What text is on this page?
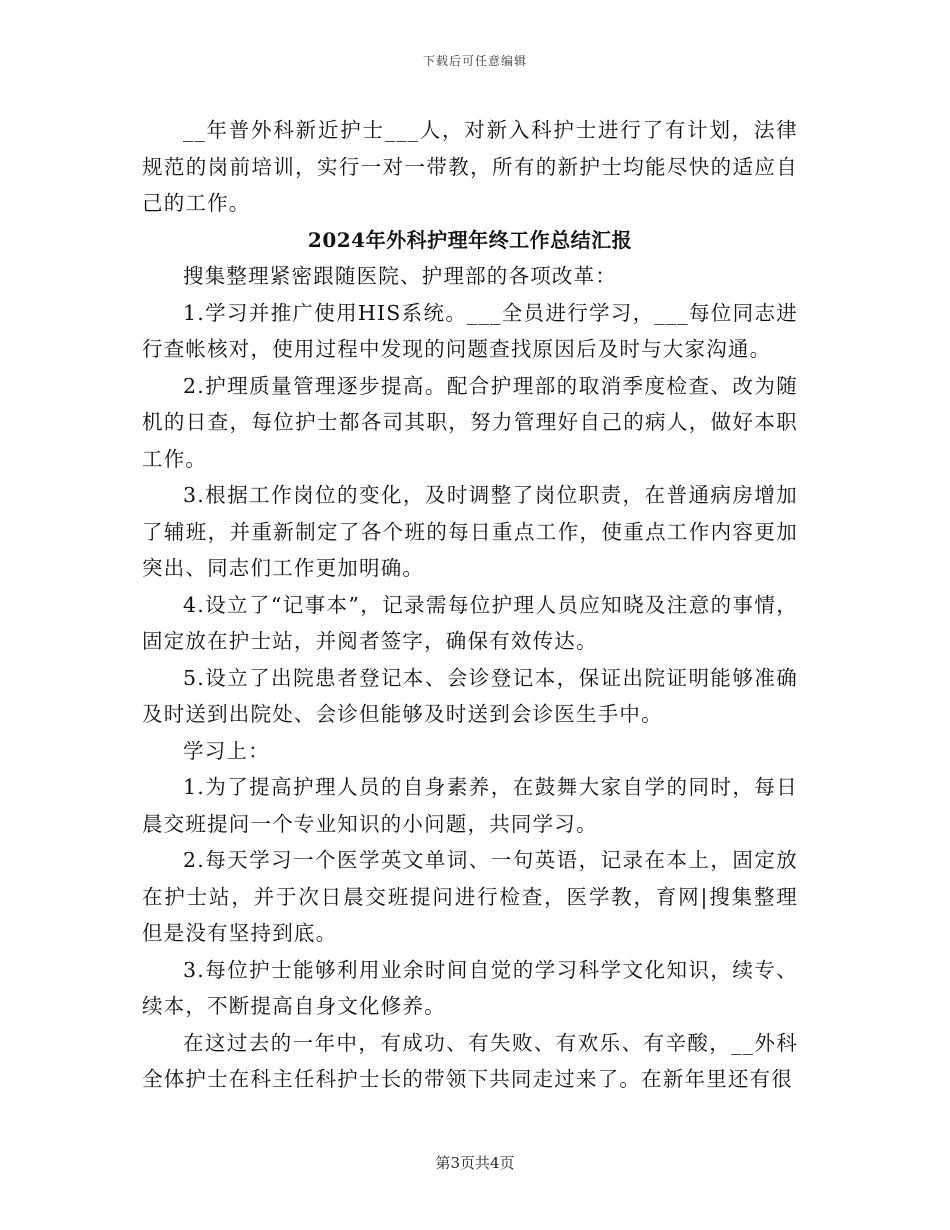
下载后可任意编辑

__年普外科新近护士___人，对新入科护士进行了有计划，法律规范的岗前培训，实行一对一带教，所有的新护士均能尽快的适应自己的工作。

2024年外科护理年终工作总结汇报

搜集整理紧密跟随医院、护理部的各项改革：

1.学习并推广使用HIS系统。___全员进行学习，___每位同志进行查帐核对，使用过程中发现的问题查找原因后及时与大家沟通。

2.护理质量管理逐步提高。配合护理部的取消季度检查、改为随机的日查，每位护士都各司其职，努力管理好自己的病人，做好本职工作。

3.根据工作岗位的变化，及时调整了岗位职责，在普通病房增加了辅班，并重新制定了各个班的每日重点工作，使重点工作内容更加突出、同志们工作更加明确。

4.设立了“记事本”，记录需每位护理人员应知晓及注意的事情，固定放在护士站，并阅者签字，确保有效传达。

5.设立了出院患者登记本、会诊登记本，保证出院证明能够准确及时送到出院处、会诊但能够及时送到会诊医生手中。

学习上：

1.为了提高护理人员的自身素养，在鼓舞大家自学的同时，每日晨交班提问一个专业知识的小问题，共同学习。

2.每天学习一个医学英文单词、一句英语，记录在本上，固定放在护士站，并于次日晨交班提问进行检查，医学教，育网|搜集整理但是没有坚持到底。

3.每位护士能够利用业余时间自觉的学习科学文化知识，续专、续本，不断提高自身文化修养。

在这过去的一年中，有成功、有失败、有欢乐、有辛酸，__外科全体护士在科主任科护士长的带领下共同走过来了。在新年里还有很

第3页共4页
